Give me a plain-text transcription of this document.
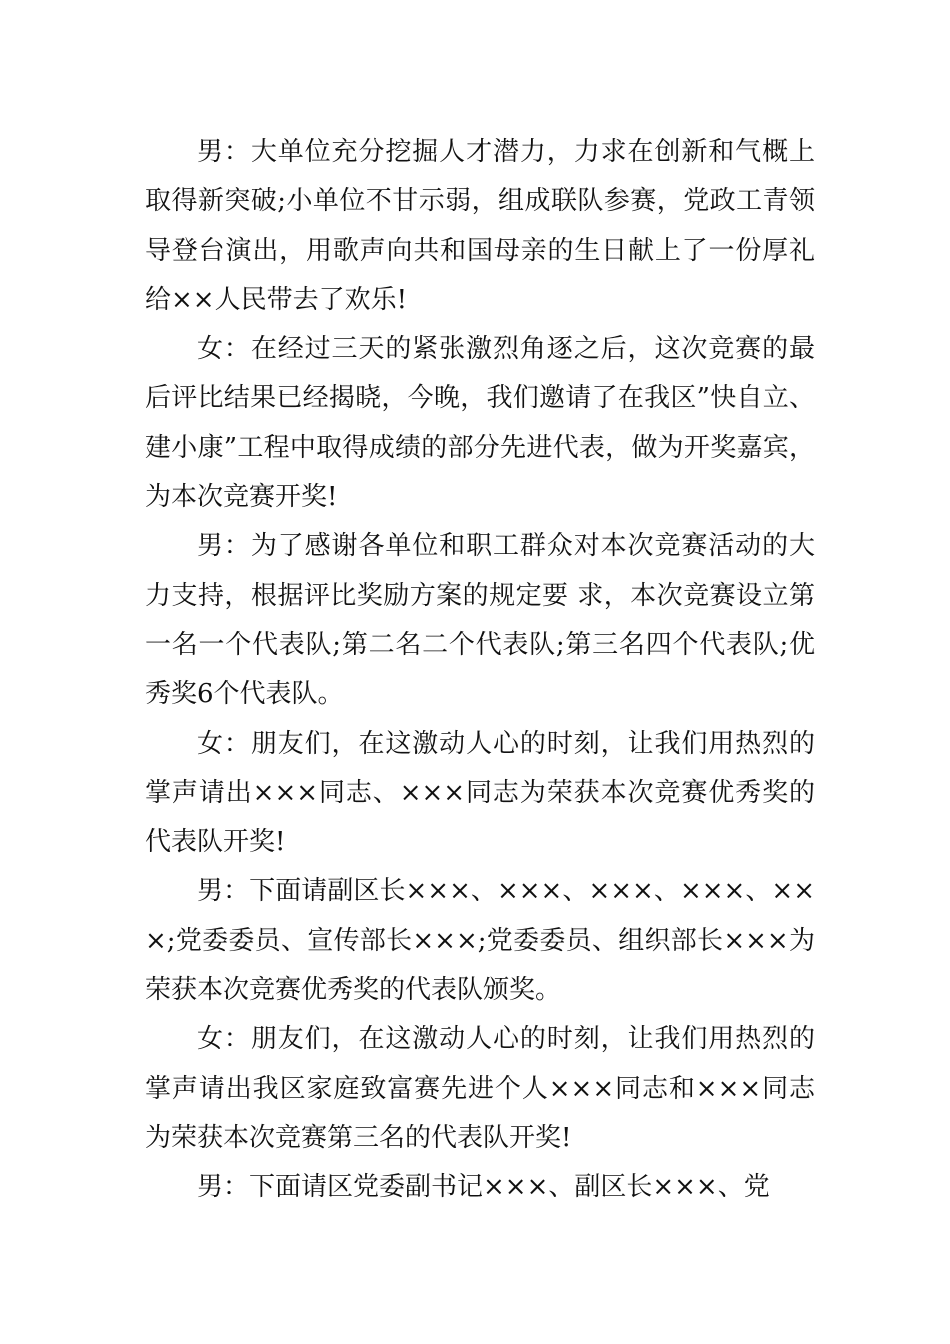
男：大单位充分挖掘人才潜力，力求在创新和气概上取得新突破;小单位不甘示弱，组成联队参赛，党政工青领导登台演出，用歌声向共和国母亲的生日献上了一份厚礼给××人民带去了欢乐!

女：在经过三天的紧张激烈角逐之后，这次竞赛的最后评比结果已经揭晓，今晚，我们邀请了在我区”快自立、建小康”工程中取得成绩的部分先进代表，做为开奖嘉宾，为本次竞赛开奖!

男：为了感谢各单位和职工群众对本次竞赛活动的大力支持，根据评比奖励方案的规定要 求，本次竞赛设立第一名一个代表队;第二名二个代表队;第三名四个代表队;优秀奖6个代表队。

女：朋友们，在这激动人心的时刻，让我们用热烈的掌声请出×××同志、×××同志为荣获本次竞赛优秀奖的代表队开奖!

男：下面请副区长×××、×××、×××、×××、×××;党委委员、宣传部长×××;党委委员、组织部长×××为荣获本次竞赛优秀奖的代表队颁奖。

女：朋友们，在这激动人心的时刻，让我们用热烈的掌声请出我区家庭致富赛先进个人×××同志和×××同志为荣获本次竞赛第三名的代表队开奖!

男：下面请区党委副书记×××、副区长×××、党
